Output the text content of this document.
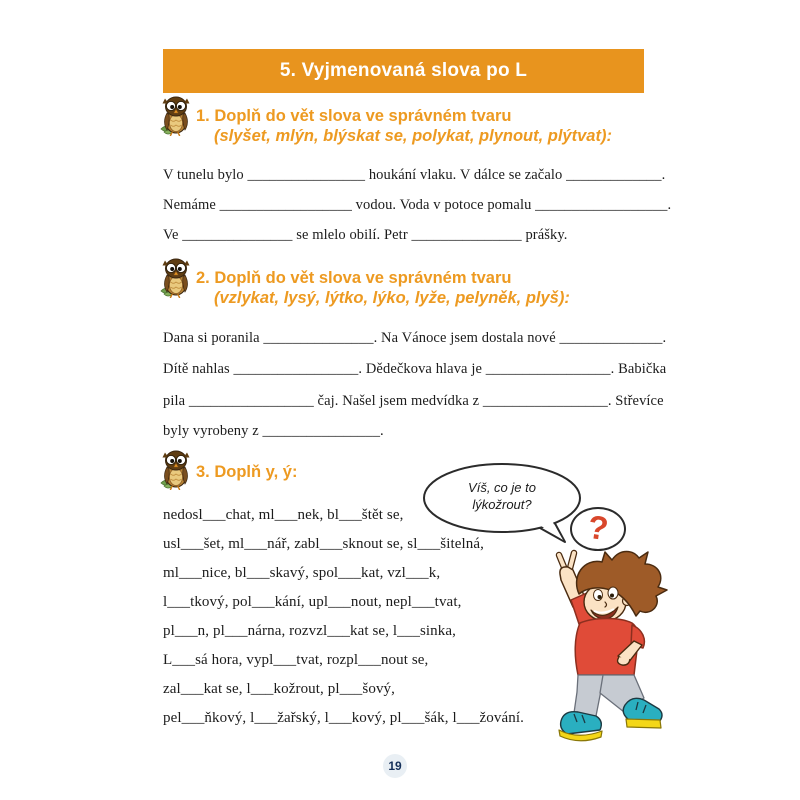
5. Vyjmenovaná slova po L
1. Doplň do vět slova ve správném tvaru
(slyšet, mlýn, blýskat se, polykat, plynout, plýtvat):
V tunelu bylo ________________ houkání vlaku. V dálce se začalo _____________.
Nemáme __________________ vodou. Voda v potoce pomalu __________________.
Ve _______________ se mlelo obilí. Petr _______________ prášky.
2. Doplň do vět slova ve správném tvaru
(vzlykat, lysý, lýtko, lýko, lyže, pelyněk, plyš):
Dana si poranila _______________. Na Vánoce jsem dostala nové ______________.
Dítě nahlas _________________. Dědečkova hlava je _________________. Babička
pila _________________ čaj. Našel jsem medvídka z _________________. Střevíce
byly vyrobeny z ________________.
3. Doplň y, ý:
nedosl___chat, ml___nek, bl___štět se,
usl___šet, ml___nář, zabl___sknout se, sl___šitelná,
ml___nice, bl___skavý, spol___kat, vzl___k,
l___tkový, pol___kání, upl___nout, nepl___tvat,
pl___n, pl___nárna, rozvzl___kat se, l___sinka,
L___sá hora, vypl___tvat, rozpl___nout se,
zal___kat se, l___kožrout, pl___šový,
pel___ňkový, l___žařský, l___kový, pl___šák, l___žování.
Víš, co je to
lýkožrout?
?
19
